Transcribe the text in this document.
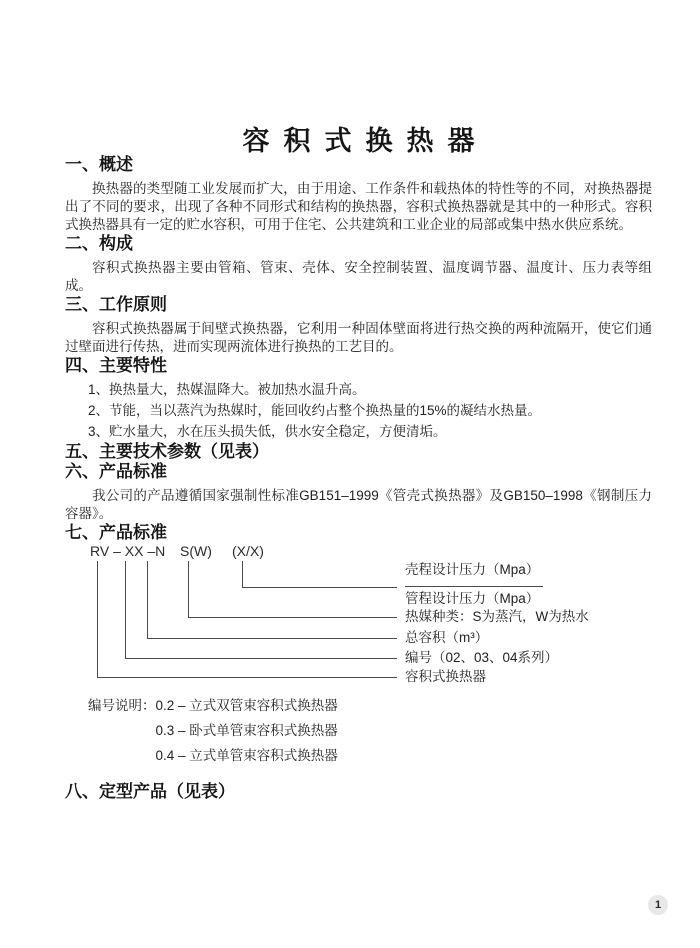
容积式换热器
一、概述

换热器的类型随工业发展而扩大，由于用途、工作条件和载热体的特性等的不同，对换热器提出了不同的要求，出现了各种不同形式和结构的换热器，容积式换热器就是其中的一种形式。容积式换热器具有一定的贮水容积，可用于住宅、公共建筑和工业企业的局部或集中热水供应系统。

二、构成

容积式换热器主要由管箱、管束、壳体、安全控制装置、温度调节器、温度计、压力表等组成。

三、工作原则

容积式换热器属于间壁式换热器，它利用一种固体壁面将进行热交换的两种流隔开，使它们通过壁面进行传热，进而实现两流体进行换热的工艺目的。

四、主要特性

1、换热量大，热媒温降大。被加热水温升高。

2、节能，当以蒸汽为热媒时，能回收约占整个换热量的15%的凝结水热量。

3、贮水量大，水在压头损失低，供水安全稳定，方便清垢。

五、主要技术参数（见表）
六、产品标准

我公司的产品遵循国家强制性标准GB151–1999《管壳式换热器》及GB150–1998《钢制压力容器》。

七、产品标准
RV – XX –N S(W) (X/X)
壳程设计压力（Mpa）
管程设计压力（Mpa）
热媒种类：S为蒸汽，W为热水
总容积（m³）
编号（02、03、04系列）
容积式换热器
编号说明： 0.2 – 立式双管束容积式换热器
0.3 – 卧式单管束容积式换热器
0.4 – 立式单管束容积式换热器
八、定型产品（见表）
1
